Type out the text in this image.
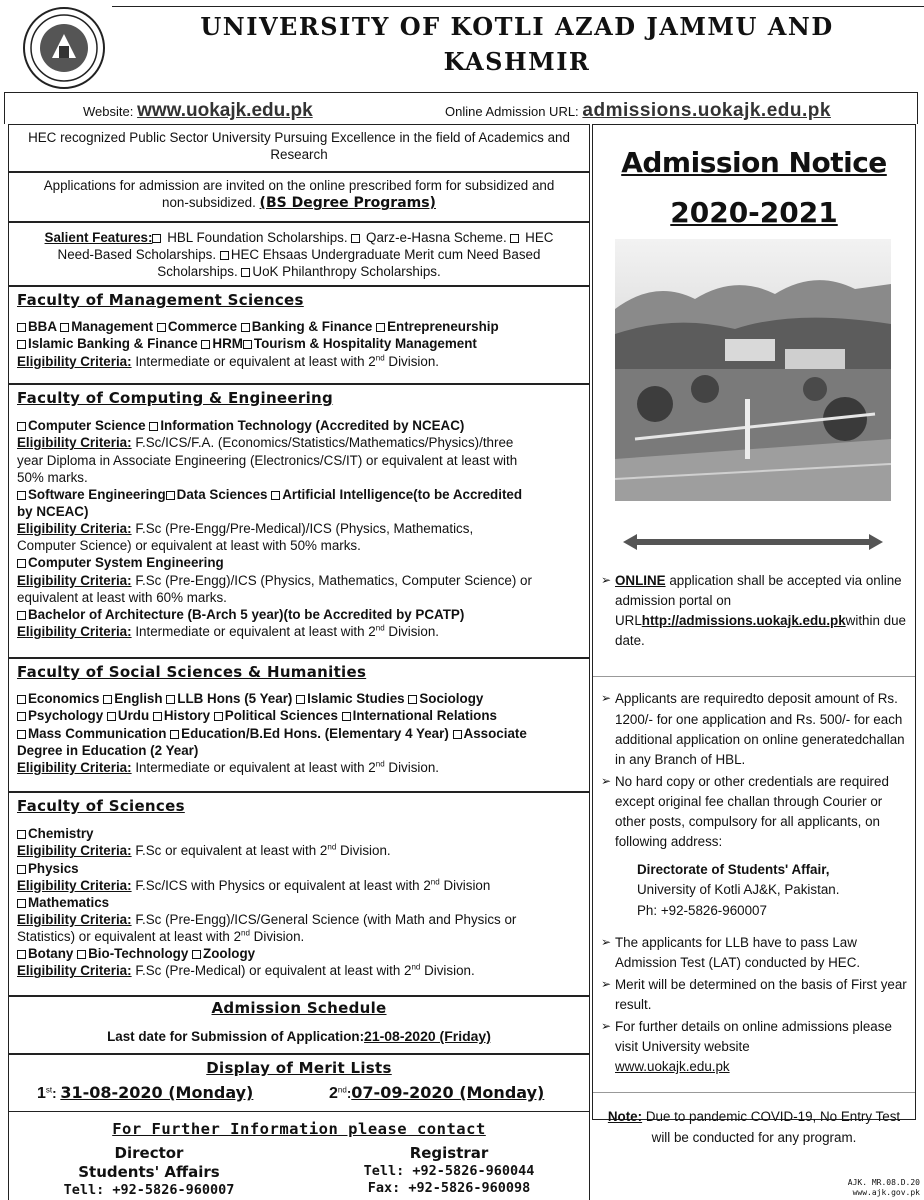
UNIVERSITY OF KOTLI AZAD JAMMU AND
KASHMIR
Website: www.uokajk.edu.pk	Online Admission URL: admissions.uokajk.edu.pk
HEC recognized Public Sector University Pursuing Excellence in the field of Academics and Research
Applications for admission are invited on the online prescribed form for subsidized and
non-subsidized. (BS Degree Programs)
Salient Features: HBL Foundation Scholarships. Qarz-e-Hasna Scheme. HEC
Need-Based Scholarships. HEC Ehsaas Undergraduate Merit cum Need Based
Scholarships. UoK Philanthropy Scholarships.
Faculty of Management Sciences
BBA Management Commerce Banking & Finance Entrepreneurship
Islamic Banking & Finance HRM Tourism & Hospitality Management
Eligibility Criteria: Intermediate or equivalent at least with 2nd Division.
Faculty of Computing & Engineering
Computer Science Information Technology (Accredited by NCEAC)
Eligibility Criteria: F.Sc/ICS/F.A. (Economics/Statistics/Mathematics/Physics)/three
year Diploma in Associate Engineering (Electronics/CS/IT) or equivalent at least with
50% marks.
Software Engineering Data Sciences Artificial Intelligence(to be Accredited
by NCEAC)
Eligibility Criteria: F.Sc (Pre-Engg/Pre-Medical)/ICS (Physics, Mathematics,
Computer Science) or equivalent at least with 50% marks.
Computer System Engineering
Eligibility Criteria: F.Sc (Pre-Engg)/ICS (Physics, Mathematics, Computer Science) or
equivalent at least with 60% marks.
Bachelor of Architecture (B-Arch 5 year)(to be Accredited by PCATP)
Eligibility Criteria: Intermediate or equivalent at least with 2nd Division.
Faculty of Social Sciences & Humanities
Economics English LLB Hons (5 Year) Islamic Studies Sociology
Psychology Urdu History Political Sciences International Relations
Mass Communication Education/B.Ed Hons. (Elementary 4 Year) Associate
Degree in Education (2 Year)
Eligibility Criteria: Intermediate or equivalent at least with 2nd Division.
Faculty of Sciences
Chemistry
Eligibility Criteria: F.Sc or equivalent at least with 2nd Division.
Physics
Eligibility Criteria: F.Sc/ICS with Physics or equivalent at least with 2nd Division
Mathematics
Eligibility Criteria: F.Sc (Pre-Engg)/ICS/General Science (with Math and Physics or
Statistics) or equivalent at least with 2nd Division.
Botany Bio-Technology Zoology
Eligibility Criteria: F.Sc (Pre-Medical) or equivalent at least with 2nd Division.
Admission Schedule
Last date for Submission of Application:21-08-2020 (Friday)
Display of Merit Lists
1st: 31-08-2020 (Monday)	2nd:07-09-2020 (Monday)
For Further Information please contact
Director
Students' Affairs
Tell: +92-5826-960007
Registrar
Tell: +92-5826-960044
Fax: +92-5826-960098
Admission Notice
2020-2021
➢ ONLINE application shall be accepted via online admission portal on URLhttp://admissions.uokajk.edu.pkwithin due date.
➢ Applicants are requiredto deposit amount of Rs. 1200/- for one application and Rs. 500/- for each additional application on online generatedchallan in any Branch of HBL.
➢ No hard copy or other credentials are required except original fee challan through Courier or other posts, compulsory for all applicants, on following address:
Directorate of Students' Affair,
University of Kotli AJ&K, Pakistan.
Ph: +92-5826-960007
➢ The applicants for LLB have to pass Law Admission Test (LAT) conducted by HEC.
➢ Merit will be determined on the basis of First year result.
➢ For further details on online admissions please visit University website
www.uokajk.edu.pk
Note: Due to pandemic COVID-19, No Entry Test will be conducted for any program.
AJK. MR.08.D.20
www.ajk.gov.pk
